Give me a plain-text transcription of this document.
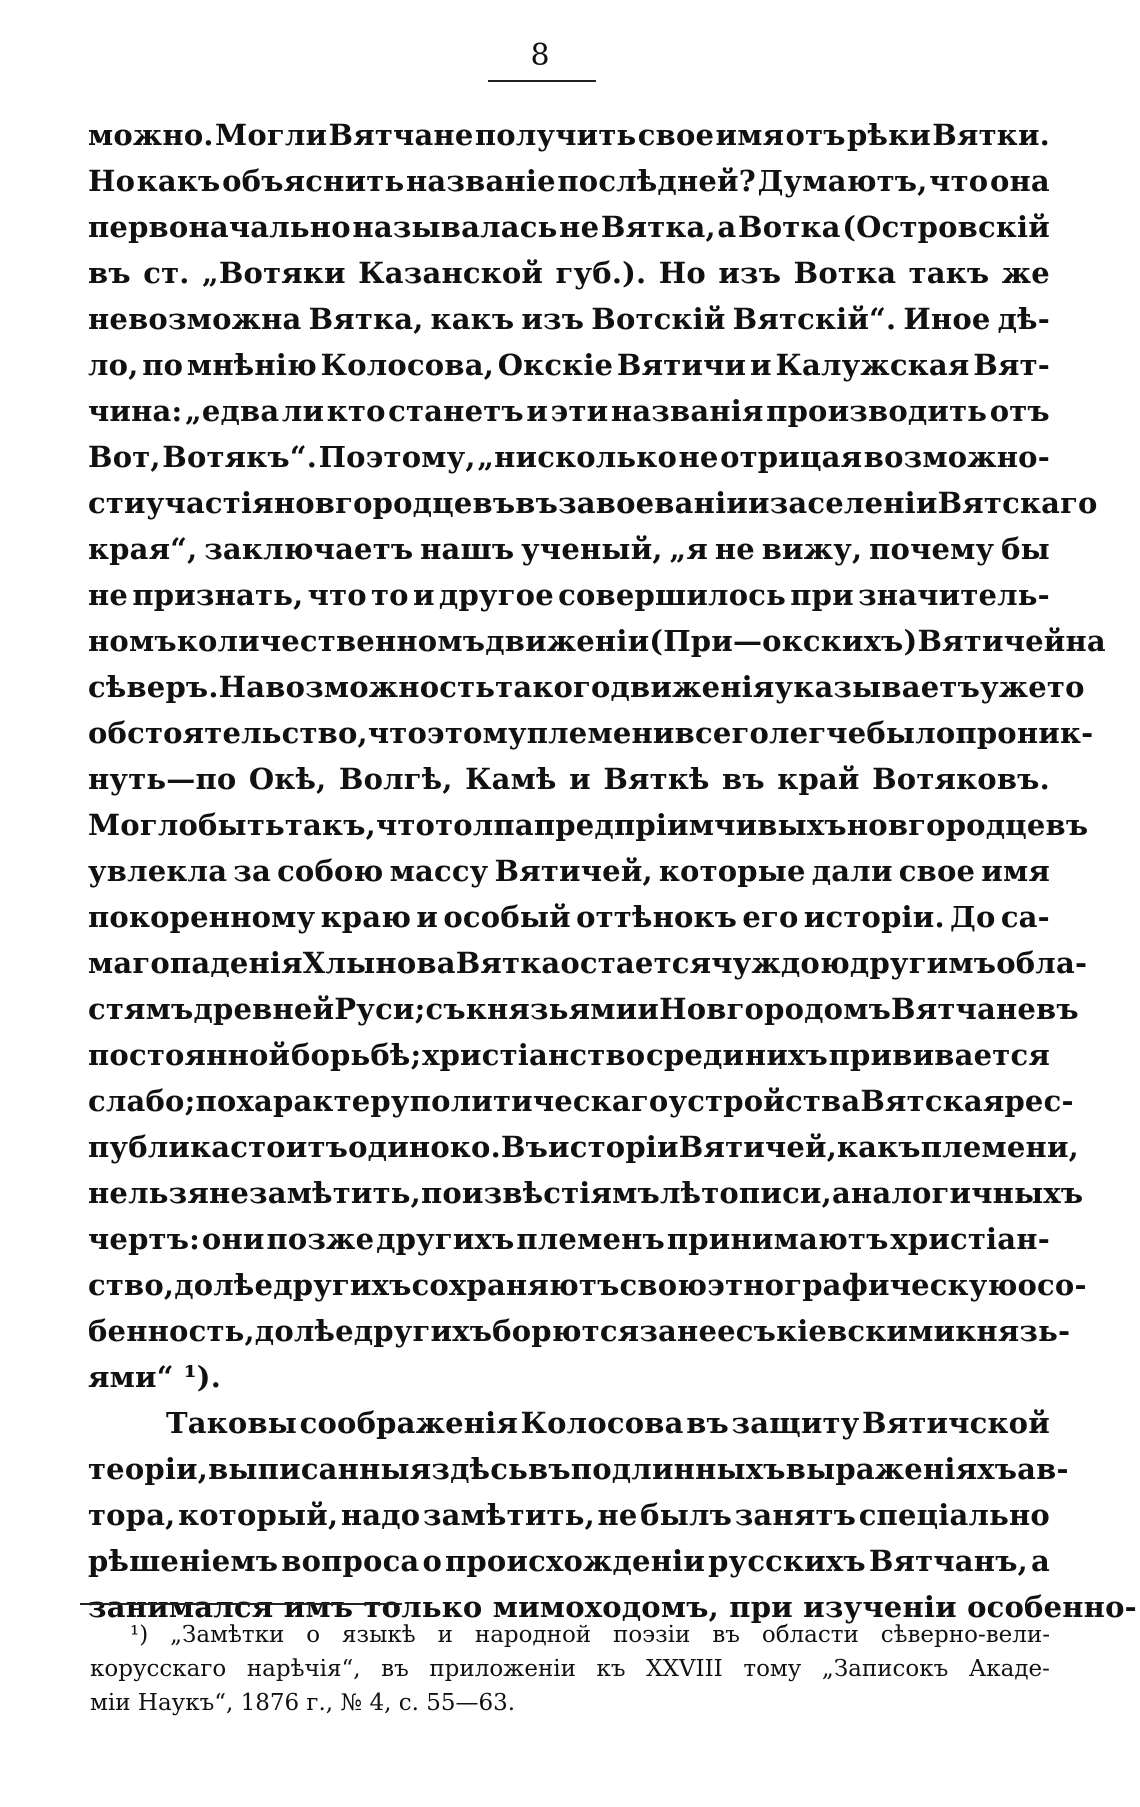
8
можно. Могли Вятчане получить свое имя отъ рѣки Вятки.
Но какъ объяснить названіе послѣдней? Думаютъ, что она
первоначально называлась не Вятка, а Вотка (Островскій
въ ст. „Вотяки Казанской губ.). Но изъ Вотка такъ же
невозможна Вятка, какъ изъ Вотскій Вятскій“. Иное дѣ-
ло, по мнѣнію Колосова, Окскіе Вятичи и Калужская Вят-
чина: „едва ли кто станетъ и эти названія производить отъ
Вот, Вотякъ“. Поэтому, „нисколько не отрицая возможно-
сти участія новгородцевъ въ завоеваніи и заселеніи Вятскаго
края“, заключаетъ нашъ ученый, „я не вижу, почему бы
не признать, что то и другое совершилось при значитель-
номъ количественномъ движеніи (При—окскихъ) Вятичей на
сѣверъ. На возможность такого движенія указываетъ уже то
обстоятельство, что этому племени всего легче было проник-
нуть—по Окѣ, Волгѣ, Камѣ и Вяткѣ въ край Вотяковъ.
Могло быть такъ, что толпа предпріимчивыхъ новгородцевъ
увлекла за собою массу Вятичей, которые дали свое имя
покоренному краю и особый оттѣнокъ его исторіи. До са-
маго паденія Хлынова Вятка остается чуждою другимъ обла-
стямъ древней Руси; съ князьями и Новгородомъ Вятчане въ
постоянной борьбѣ; христіанство среди нихъ прививается
слабо; по характеру политическаго устройства Вятская рес-
публика стоитъ одиноко. Въ исторіи Вятичей, какъ племени,
нельзя не замѣтить, по извѣстіямъ лѣтописи, аналогичныхъ
чертъ: они позже другихъ племенъ принимаютъ христіан-
ство, долѣе другихъ сохраняютъ свою этнографическую осо-
бенность, долѣе другихъ борются за нее съ кіевскими князь-
ями“ ¹).
Таковы соображенія Колосова въ защиту Вятичской
теоріи, выписанныя здѣсь въ подлинныхъ выраженіяхъ ав-
тора, который, надо замѣтить, не былъ занятъ спеціально
рѣшеніемъ вопроса о происхожденіи русскихъ Вятчанъ, а
занимался имъ только мимоходомъ, при изученіи особенно-
¹) „Замѣтки о языкѣ и народной поэзіи въ области сѣверно-вели-
корусскаго нарѣчія“, въ приложеніи къ XXVIII тому „Записокъ Акаде-
міи Наукъ“, 1876 г., № 4, с. 55—63.
